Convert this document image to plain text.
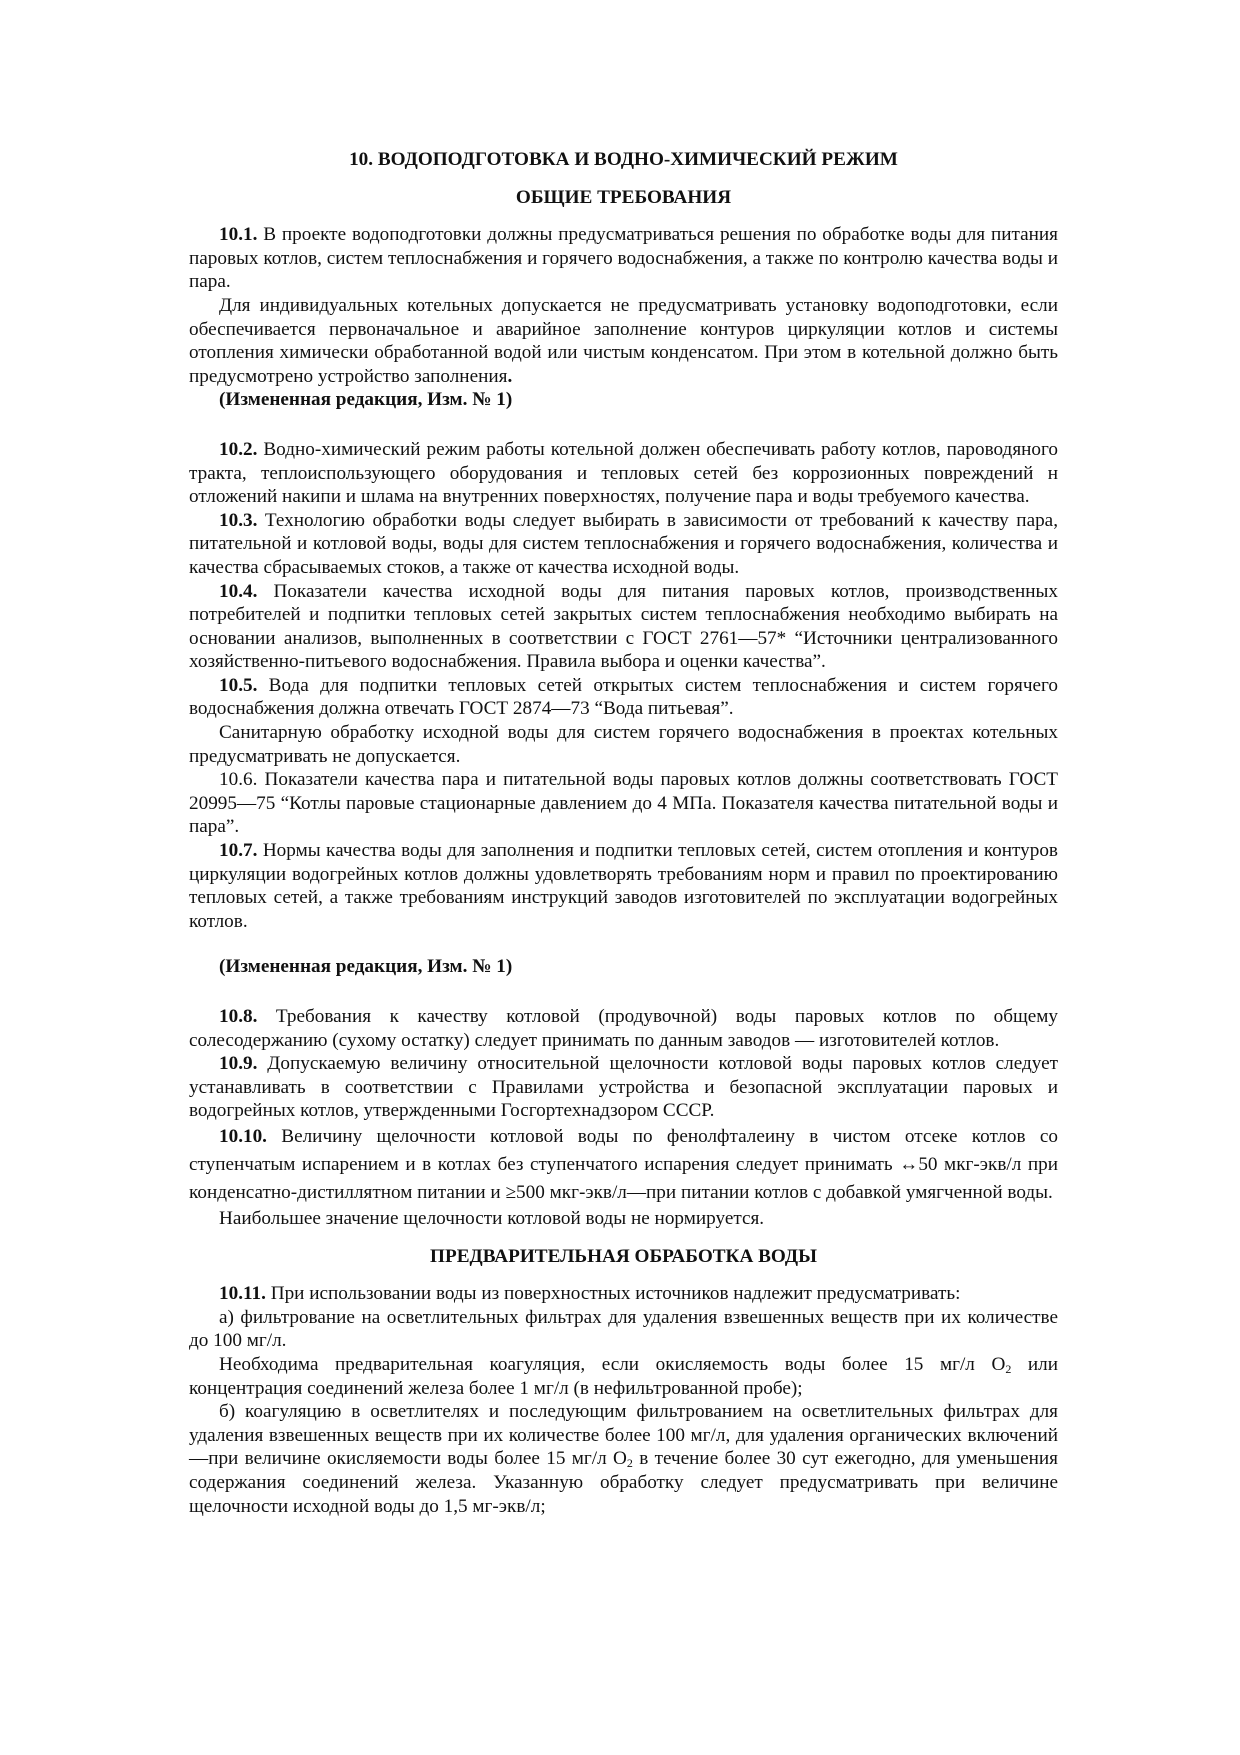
10. ВОДОПОДГОТОВКА И ВОДНО-ХИМИЧЕСКИЙ РЕЖИМ
ОБЩИЕ ТРЕБОВАНИЯ

10.1. В проекте водоподготовки должны предусматриваться решения по обработке воды для питания паровых котлов, систем теплоснабжения и горячего водоснабжения, а также по контролю качества воды и пара.

Для индивидуальных котельных допускается не предусматривать установку водоподготовки, если обеспечивается первоначальное и аварийное заполнение контуров циркуляции котлов и системы отопления химически обработанной водой или чистым конденсатом. При этом в котельной должно быть предусмотрено устройство заполнения.

(Измененная редакция, Изм. № 1)

10.2. Водно-химический режим работы котельной должен обеспечивать работу котлов, пароводяного тракта, теплоиспользующего оборудования и тепловых сетей без коррозионных повреждений н отложений накипи и шлама на внутренних поверхностях, получение пара и воды требуемого качества.

10.3. Технологию обработки воды следует выбирать в зависимости от требований к качеству пара, питательной и котловой воды, воды для систем теплоснабжения и горячего водоснабжения, количества и качества сбрасываемых стоков, а также от качества исходной воды.

10.4. Показатели качества исходной воды для питания паровых котлов, производственных потребителей и подпитки тепловых сетей закрытых систем теплоснабжения необходимо выбирать на основании анализов, выполненных в соответствии с ГОСТ 2761—57* “Источники централизованного хозяйственно-питьевого водоснабжения. Правила выбора и оценки качества”.

10.5. Вода для подпитки тепловых сетей открытых систем теплоснабжения и систем горячего водоснабжения должна отвечать ГОСТ 2874—73 “Вода питьевая”.

Санитарную обработку исходной воды для систем горячего водоснабжения в проектах котельных предусматривать не допускается.

10.6. Показатели качества пара и питательной воды паровых котлов должны соответствовать ГОСТ 20995—75 “Котлы паровые стационарные давлением до 4 МПа. Показателя качества питательной воды и пара”.

10.7. Нормы качества воды для заполнения и подпитки тепловых сетей, систем отопления и контуров циркуляции водогрейных котлов должны удовлетворять требованиям норм и правил по проектированию тепловых сетей, а также требованиям инструкций заводов изготовителей по эксплуатации водогрейных котлов.

(Измененная редакция, Изм. № 1)

10.8. Требования к качеству котловой (продувочной) воды паровых котлов по общему солесодержанию (сухому остатку) следует принимать по данным заводов — изготовителей котлов.

10.9. Допускаемую величину относительной щелочности котловой воды паровых котлов следует устанавливать в соответствии с Правилами устройства и безопасной эксплуатации паровых и водогрейных котлов, утвержденными Госгортехнадзором СССР.

10.10. Величину щелочности котловой воды по фенолфталеину в чистом отсеке котлов со ступенчатым испарением и в котлах без ступенчатого испарения следует принимать ↔50 мкг-экв/л при конденсатно-дистиллятном питании и ≥500 мкг-экв/л—при питании котлов с добавкой умягченной воды.

Наибольшее значение щелочности котловой воды не нормируется.

ПРЕДВАРИТЕЛЬНАЯ ОБРАБОТКА ВОДЫ

10.11. При использовании воды из поверхностных источников надлежит предусматривать:

а) фильтрование на осветлительных фильтрах для удаления взвешенных веществ при их количестве до 100 мг/л.

Необходима предварительная коагуляция, если окисляемость воды более 15 мг/л $О_2$ или концентрация соединений железа более 1 мг/л (в нефильтрованной пробе);

б) коагуляцию в осветлителях и последующим фильтрованием на осветлительных фильтрах для удаления взвешенных веществ при их количестве более 100 мг/л, для удаления органических включений—при величине окисляемости воды более 15 мг/л $О_2$ в течение более 30 сут ежегодно, для уменьшения содержания соединений железа. Указанную обработку следует предусматривать при величине щелочности исходной воды до 1,5 мг-экв/л;
